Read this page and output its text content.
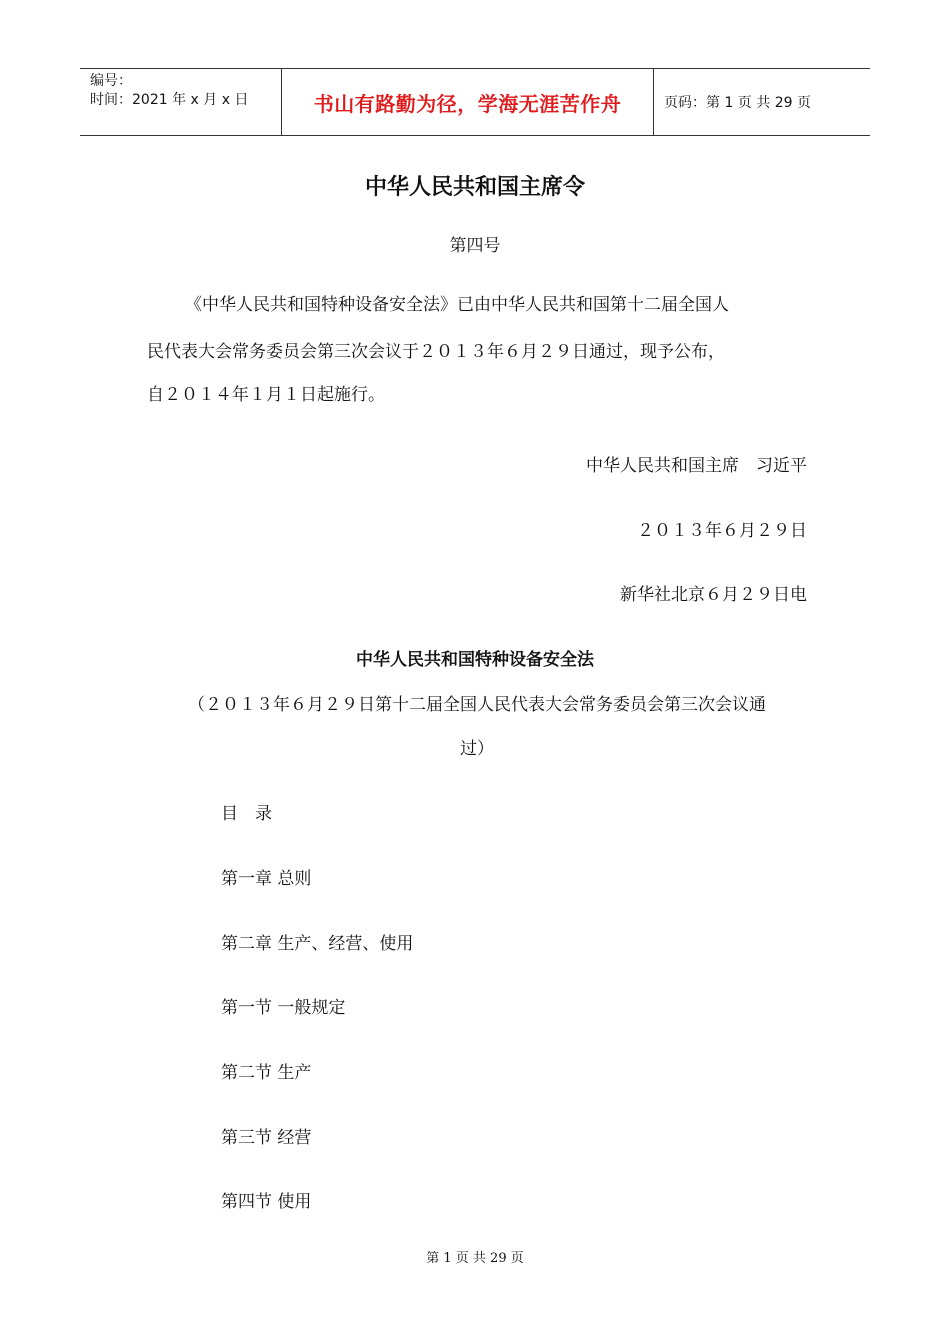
编号：
时间：2021 年 x 月 x 日	书山有路勤为径，学海无涯苦作舟	页码：第 1 页 共 29 页
中华人民共和国主席令
第四号
《中华人民共和国特种设备安全法》已由中华人民共和国第十二届全国人
民代表大会常务委员会第三次会议于２０１３年６月２９日通过，现予公布，
自２０１４年１月１日起施行。
中华人民共和国主席　习近平
２０１３年６月２９日
新华社北京６月２９日电
中华人民共和国特种设备安全法
（２０１３年６月２９日第十二届全国人民代表大会常务委员会第三次会议通
过）
目　录
第一章 总则
第二章 生产、经营、使用
第一节 一般规定
第二节 生产
第三节 经营
第四节 使用
第 1 页 共 29 页
